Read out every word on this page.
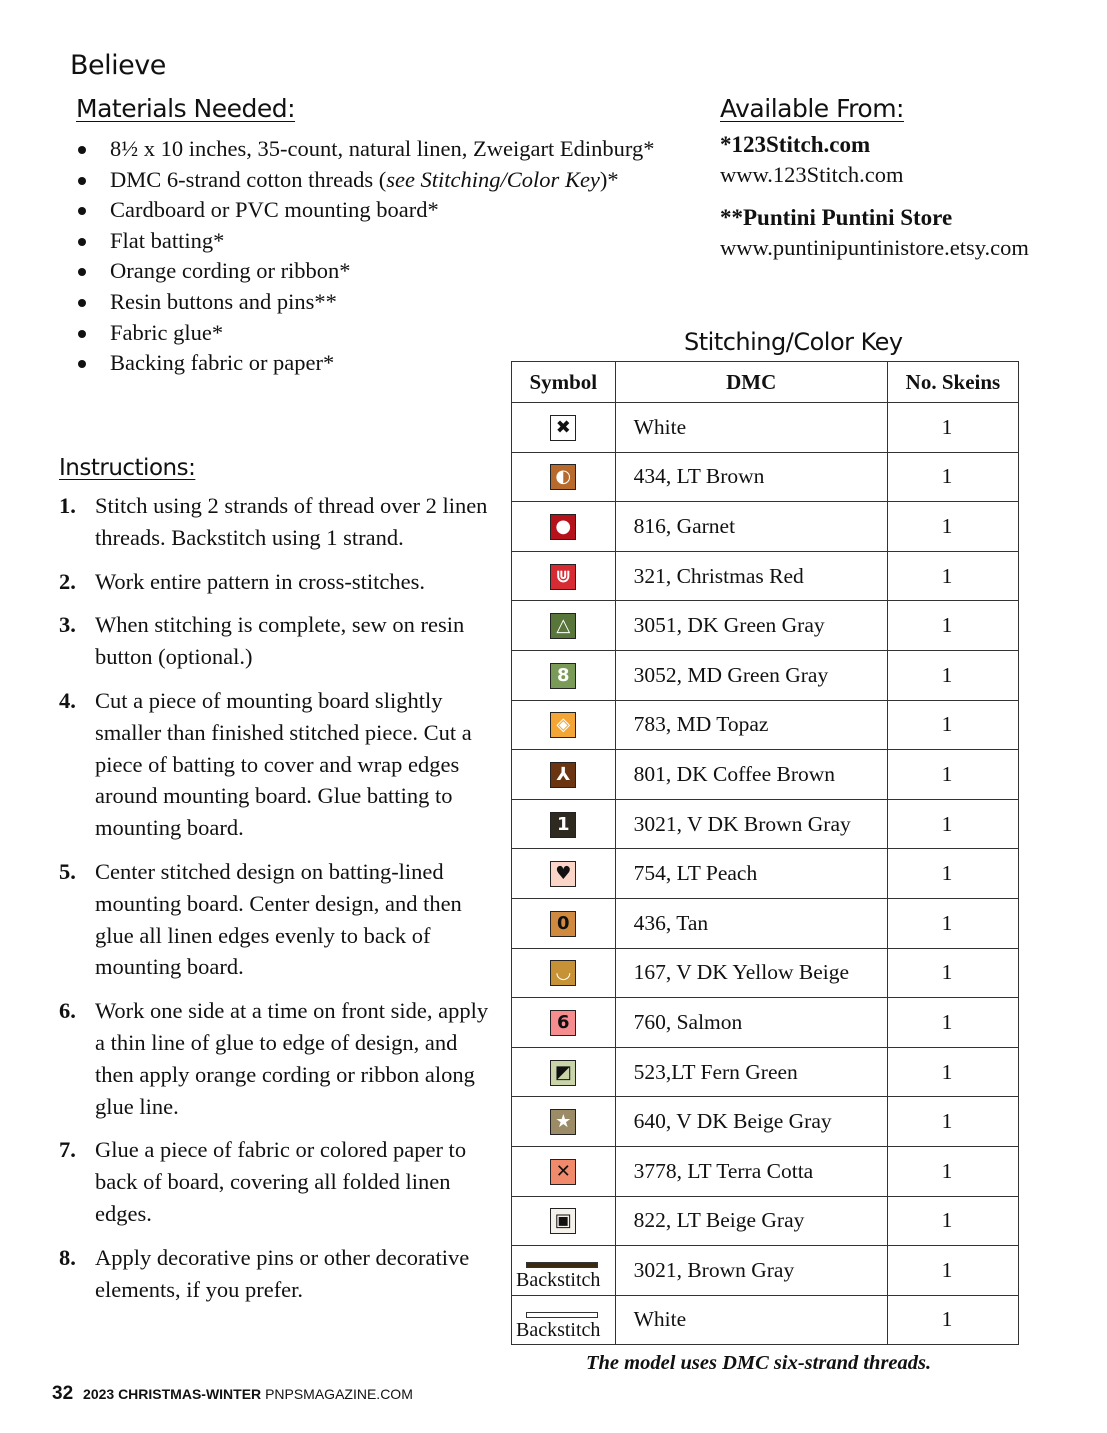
Believe
Materials Needed:
8½ x 10 inches, 35-count, natural linen, Zweigart Edinburg*
DMC 6-strand cotton threads (see Stitching/Color Key)*
Cardboard or PVC mounting board*
Flat batting*
Orange cording or ribbon*
Resin buttons and pins**
Fabric glue*
Backing fabric or paper*
Available From:
*123Stitch.com
www.123Stitch.com
**Puntini Puntini Store
www.puntinipuntinistore.etsy.com
Instructions:
1. Stitch using 2 strands of thread over 2 linen threads. Backstitch using 1 strand.
2. Work entire pattern in cross-stitches.
3. When stitching is complete, sew on resin button (optional.)
4. Cut a piece of mounting board slightly smaller than finished stitched piece. Cut a piece of batting to cover and wrap edges around mounting board. Glue batting to mounting board.
5. Center stitched design on batting-lined mounting board. Center design, and then glue all linen edges evenly to back of mounting board.
6. Work one side at a time on front side, apply a thin line of glue to edge of design, and then apply orange cording or ribbon along glue line.
7. Glue a piece of fabric or colored paper to back of board, covering all folded linen edges.
8. Apply decorative pins or other decorative elements, if you prefer.
Stitching/Color Key
Symbol	DMC	No. Skeins
✖	White	1
◐	434, LT Brown	1
●	816, Garnet	1
⋓	321, Christmas Red	1
△	3051, DK Green Gray	1
8	3052, MD Green Gray	1
◈	783, MD Topaz	1
⅄	801, DK Coffee Brown	1
1	3021, V DK Brown Gray	1
♥	754, LT Peach	1
0	436, Tan	1
◡	167, V DK Yellow Beige	1
6	760, Salmon	1
◩	523,LT Fern Green	1
★	640, V DK Beige Gray	1
✕	3778, LT Terra Cotta	1
▣	822, LT Beige Gray	1

Backstitch	3021, Brown Gray	1

Backstitch	White	1
The model uses DMC six-strand threads.
32 2023 CHRISTMAS-WINTER PNPSMAGAZINE.COM
